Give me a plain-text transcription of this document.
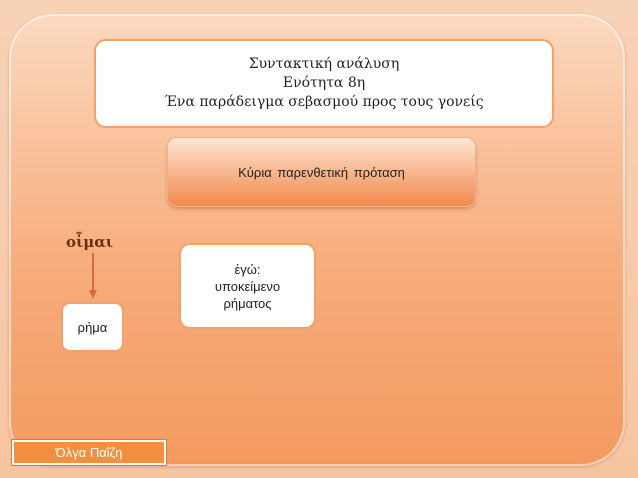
Συντακτική ανάλυση
Ενότητα 8η
Ένα παράδειγμα σεβασμού προς τους γονείς
Κύρια παρενθετική πρόταση
οἶμαι
ρήμα
ἐγώ:
υποκείμενο
ρήματος
Όλγα Παΐζη
